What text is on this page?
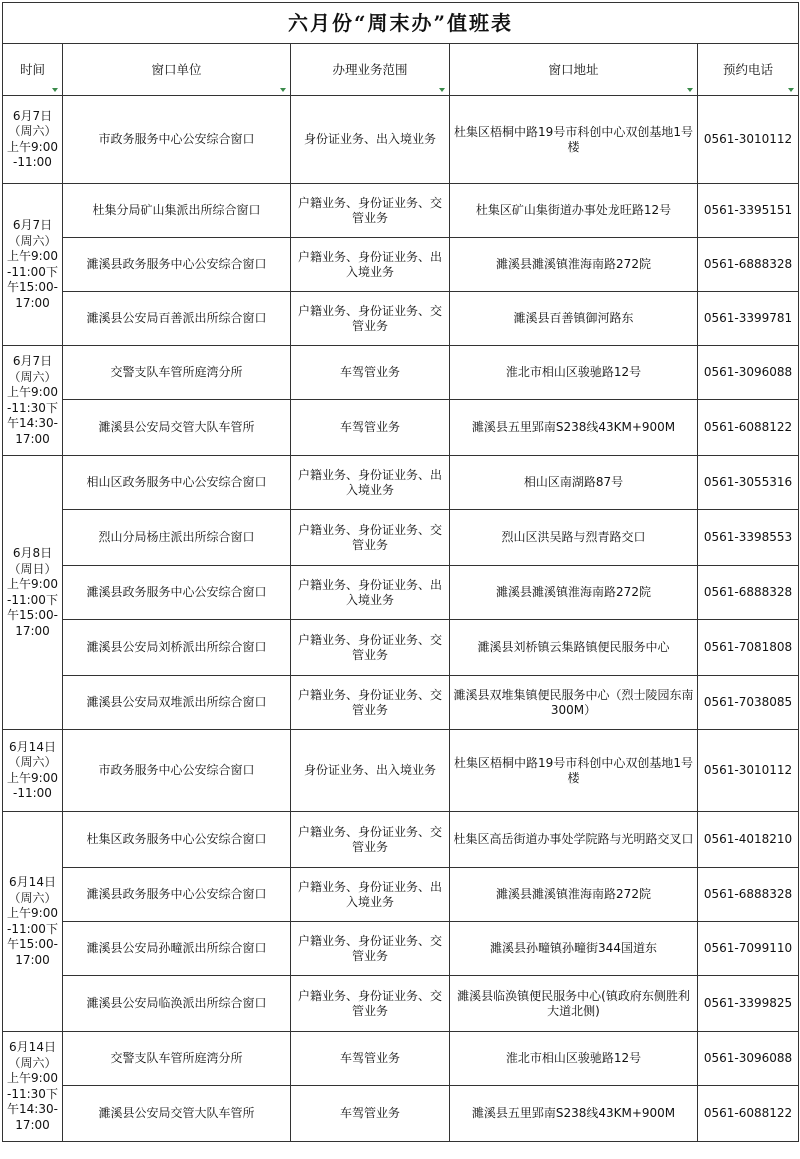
六月份“周末办”值班表				
时间	窗口单位	办理业务范围	窗口地址	预约电话

6月7日（周六）上午9:00-11:00	市政务服务中心公安综合窗口	身份证业务、出入境业务	杜集区梧桐中路19号市科创中心双创基地1号楼	0561-3010112
6月7日（周六）上午9:00-11:00下午15:00-17:00	杜集分局矿山集派出所综合窗口	户籍业务、身份证业务、交管业务	杜集区矿山集街道办事处龙旺路12号	0561-3395151
	濉溪县政务服务中心公安综合窗口	户籍业务、身份证业务、出入境业务	濉溪县濉溪镇淮海南路272院	0561-6888328
	濉溪县公安局百善派出所综合窗口	户籍业务、身份证业务、交管业务	濉溪县百善镇御河路东	0561-3399781
6月7日（周六）上午9:00-11:30下午14:30-17:00	交警支队车管所庭湾分所	车驾管业务	淮北市相山区骏驰路12号	0561-3096088
	濉溪县公安局交管大队车管所	车驾管业务	濉溪县五里郢南S238线43KM+900M	0561-6088122
6月8日（周日）上午9:00-11:00下午15:00-17:00	相山区政务服务中心公安综合窗口	户籍业务、身份证业务、出入境业务	相山区南湖路87号	0561-3055316
	烈山分局杨庄派出所综合窗口	户籍业务、身份证业务、交管业务	烈山区洪吴路与烈青路交口	0561-3398553
	濉溪县政务服务中心公安综合窗口	户籍业务、身份证业务、出入境业务	濉溪县濉溪镇淮海南路272院	0561-6888328
	濉溪县公安局刘桥派出所综合窗口	户籍业务、身份证业务、交管业务	濉溪县刘桥镇云集路镇便民服务中心	0561-7081808
	濉溪县公安局双堆派出所综合窗口	户籍业务、身份证业务、交管业务	濉溪县双堆集镇便民服务中心（烈士陵园东南300M）	0561-7038085
6月14日（周六）上午9:00-11:00	市政务服务中心公安综合窗口	身份证业务、出入境业务	杜集区梧桐中路19号市科创中心双创基地1号楼	0561-3010112
6月14日（周六）上午9:00-11:00下午15:00-17:00	杜集区政务服务中心公安综合窗口	户籍业务、身份证业务、交管业务	杜集区高岳街道办事处学院路与光明路交叉口	0561-4018210
	濉溪县政务服务中心公安综合窗口	户籍业务、身份证业务、出入境业务	濉溪县濉溪镇淮海南路272院	0561-6888328
	濉溪县公安局孙疃派出所综合窗口	户籍业务、身份证业务、交管业务	濉溪县孙疃镇孙疃街344国道东	0561-7099110
	濉溪县公安局临涣派出所综合窗口	户籍业务、身份证业务、交管业务	濉溪县临涣镇便民服务中心(镇政府东侧胜利大道北侧)	0561-3399825
6月14日（周六）上午9:00-11:30下午14:30-17:00	交警支队车管所庭湾分所	车驾管业务	淮北市相山区骏驰路12号	0561-3096088
	濉溪县公安局交管大队车管所	车驾管业务	濉溪县五里郢南S238线43KM+900M	0561-6088122
